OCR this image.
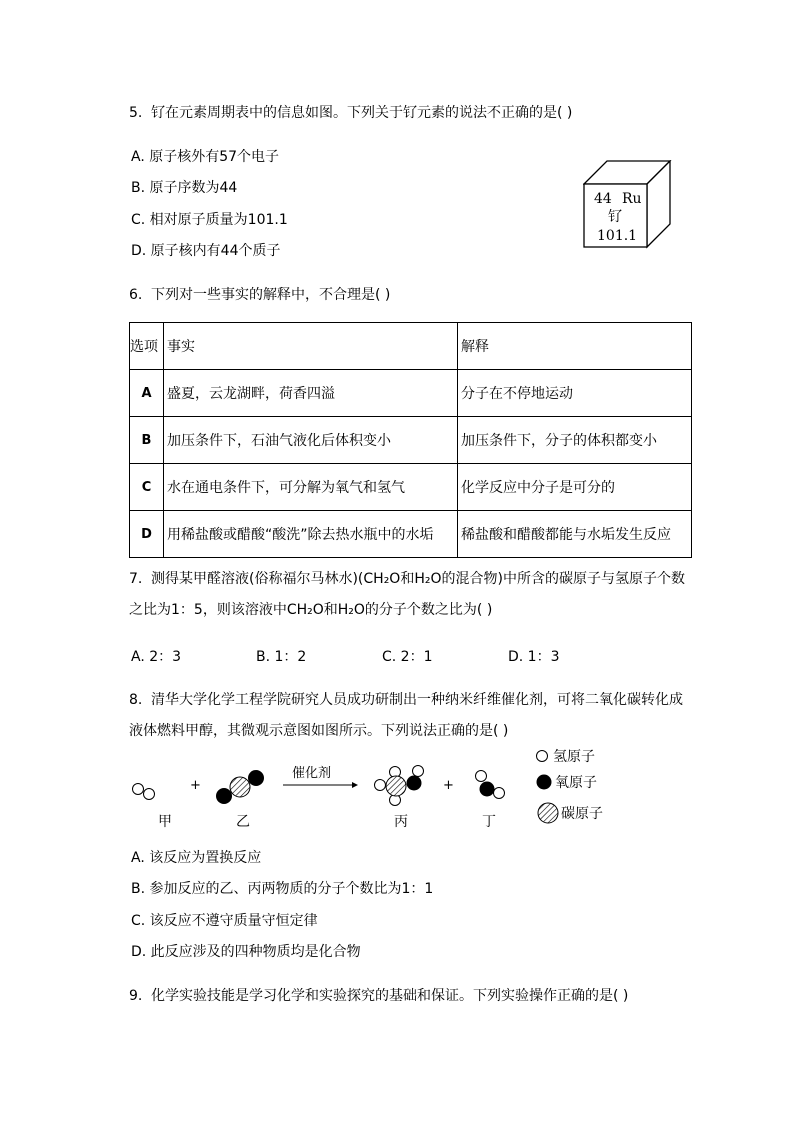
5. 钌在元素周期表中的信息如图。下列关于钌元素的说法不正确的是( )
A. 原子核外有57个电子
B. 原子序数为44
C. 相对原子质量为101.1
D. 原子核内有44个质子
44 Ru
钌
101.1
6. 下列对一些事实的解释中，不合理是( )
选项	事实	解释
A	盛夏，云龙湖畔，荷香四溢	分子在不停地运动
B	加压条件下，石油气液化后体积变小	加压条件下，分子的体积都变小
C	水在通电条件下，可分解为氧气和氢气	化学反应中分子是可分的
D	用稀盐酸或醋酸“酸洗”除去热水瓶中的水垢	稀盐酸和醋酸都能与水垢发生反应
7. 测得某甲醛溶液(俗称福尔马林水)(CH₂O和H₂O的混合物)中所含的碳原子与氢原子个数
之比为1：5，则该溶液中CH₂O和H₂O的分子个数之比为( )
A. 2：3	B. 1：2	C. 2：1	D. 1：3
8. 清华大学化学工程学院研究人员成功研制出一种纳米纤维催化剂，可将二氧化碳转化成
液体燃料甲醇，其微观示意图如图所示。下列说法正确的是( )
+
催化剂
+
甲	乙	丙	丁
氢原子
氧原子
碳原子
A. 该反应为置换反应
B. 参加反应的乙、丙两物质的分子个数比为1：1
C. 该反应不遵守质量守恒定律
D. 此反应涉及的四种物质均是化合物
9. 化学实验技能是学习化学和实验探究的基础和保证。下列实验操作正确的是( )
